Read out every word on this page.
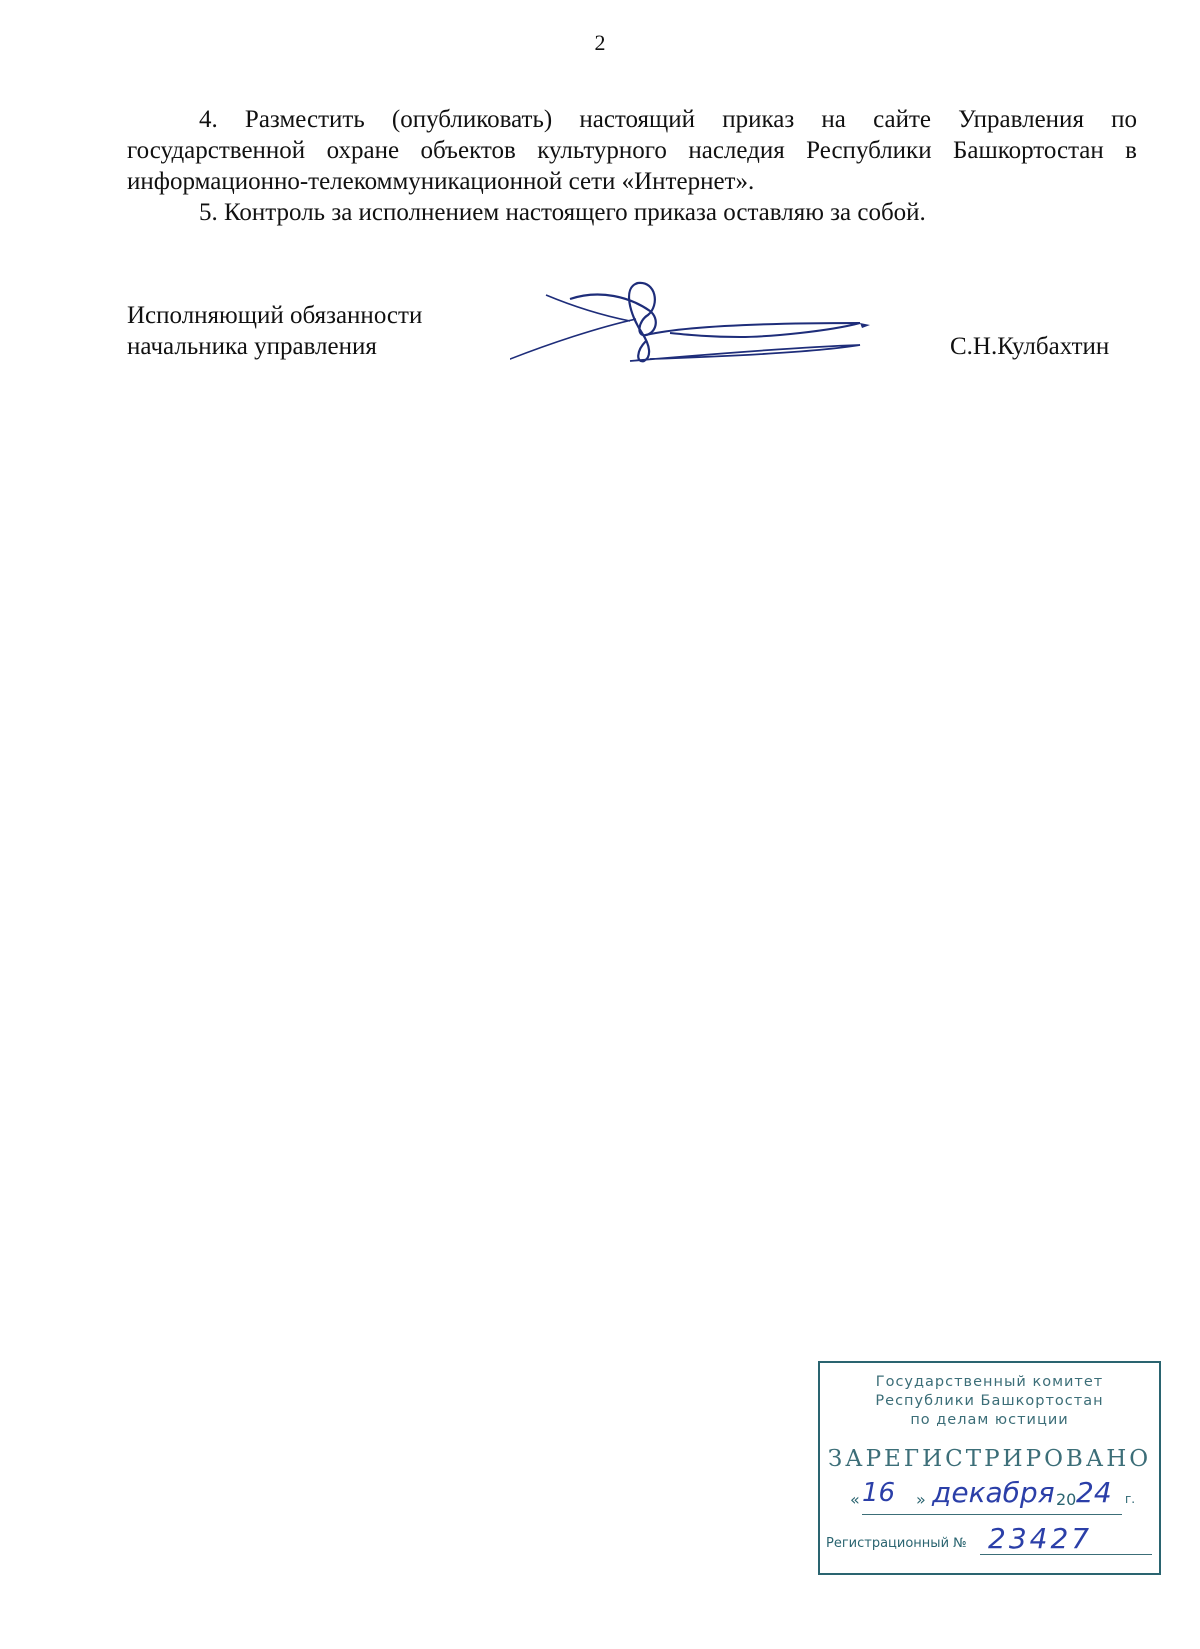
2

4. Разместить (опубликовать) настоящий приказ на сайте Управления по государственной охране объектов культурного наследия Республики Башкортостан в информационно-телекоммуникационной сети «Интернет».

5. Контроль за исполнением настоящего приказа оставляю за собой.

Исполняющий обязанности
начальника управления	С.Н.Кулбахтин
Государственный комитет
Республики Башкортостан
по делам юстиции
ЗАРЕГИСТРИРОВАНО
« 16 » декабря 20 24 г.
Регистрационный № 23427
